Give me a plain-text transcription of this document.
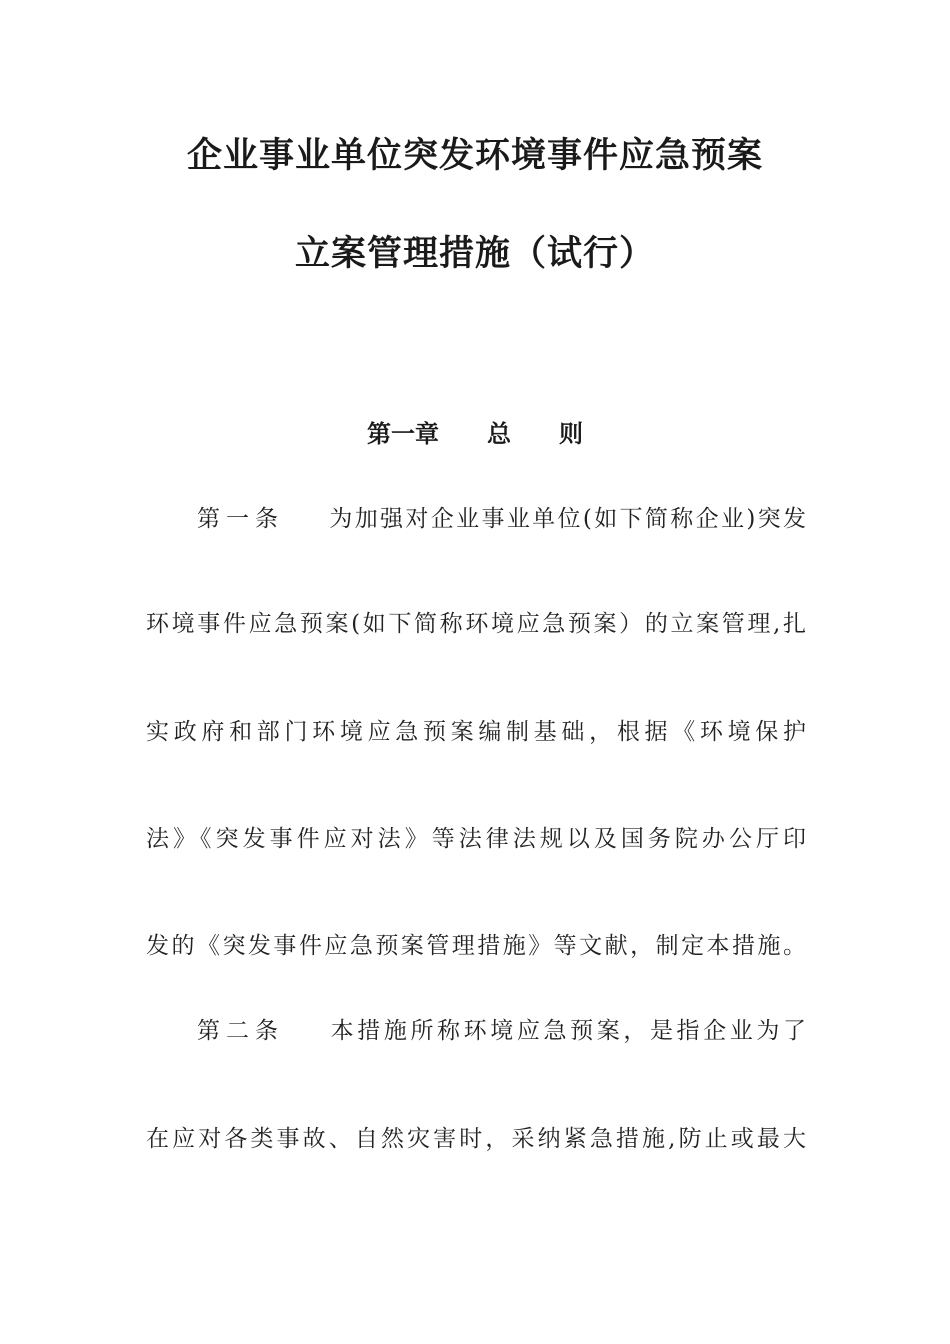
企业事业单位突发环境事件应急预案
立案管理措施（试行）
第一章　　总　　则
第一条 为加强对企业事业单位(如下简称企业)突发
环境事件应急预案(如下简称环境应急预案）的立案管理,扎
实政府和部门环境应急预案编制基础，根据《环境保护
法》《突发事件应对法》等法律法规以及国务院办公厅印
发的《突发事件应急预案管理措施》等文献，制定本措施。
第二条 本措施所称环境应急预案，是指企业为了
在应对各类事故、自然灾害时，采纳紧急措施,防止或最大
